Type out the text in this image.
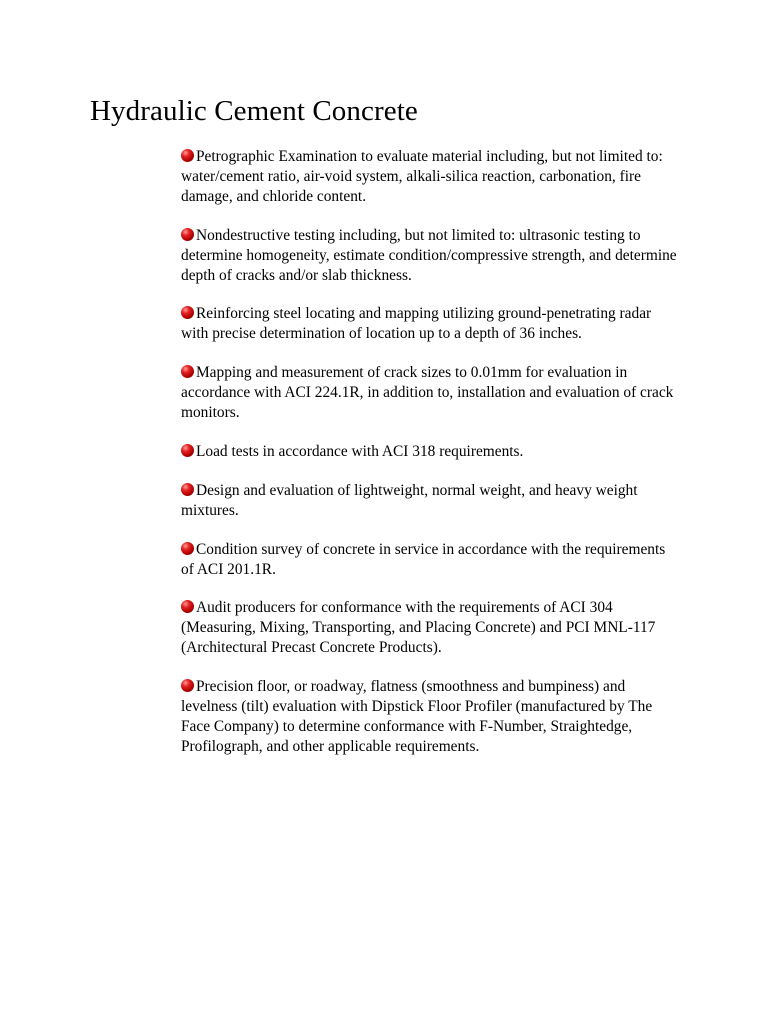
Hydraulic Cement Concrete
Petrographic Examination to evaluate material including, but not limited to: water/cement ratio, air-void system, alkali-silica reaction, carbonation, fire damage, and chloride content.
Nondestructive testing including, but not limited to: ultrasonic testing to determine homogeneity, estimate condition/compressive strength, and determine depth of cracks and/or slab thickness.
Reinforcing steel locating and mapping utilizing ground-penetrating radar with precise determination of location up to a depth of 36 inches.
Mapping and measurement of crack sizes to 0.01mm for evaluation in accordance with ACI 224.1R, in addition to, installation and evaluation of crack monitors.
Load tests in accordance with ACI 318 requirements.
Design and evaluation of lightweight, normal weight, and heavy weight mixtures.
Condition survey of concrete in service in accordance with the requirements of ACI 201.1R.
Audit producers for conformance with the requirements of ACI 304 (Measuring, Mixing, Transporting, and Placing Concrete) and PCI MNL-117 (Architectural Precast Concrete Products).
Precision floor, or roadway, flatness (smoothness and bumpiness) and levelness (tilt) evaluation with Dipstick Floor Profiler (manufactured by The Face Company) to determine conformance with F-Number, Straightedge, Profilograph, and other applicable requirements.
